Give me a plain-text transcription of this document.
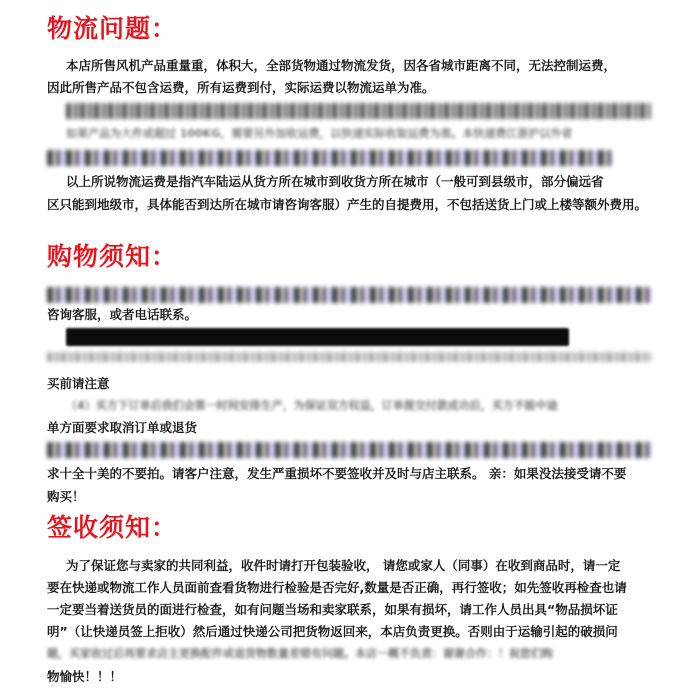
物流问题：

本店所售风机产品重量重，体积大，全部货物通过物流发货，因各省城市距离不同，无法控制运费，

因此所售产品不包含运费，所有运费到付，实际运费以物流运单为准。

如果产品为大件或超过 100KG，需要另外加收运费，以快递实际收取运费为准。本快递费江浙沪以外省

以上所说物流运费是指汽车陆运从货方所在城市到收货方所在城市（一般可到县级市，部分偏远省

区只能到地级市，具体能否到达所在城市请咨询客服）产生的自提费用，不包括送货上门或上楼等额外费用。

购物须知：

咨询客服，或者电话联系。

买前请注意

（4）买方下订单后我们会第一时间安排生产，为保证双方权益，订单提交付款成功后，买方不能中途

单方面要求取消订单或退货

求十全十美的不要拍。请客户注意，发生严重损坏不要签收并及时与店主联系。 亲：如果没法接受请不要

购买！

签收须知：

为了保证您与卖家的共同利益，收件时请打开包装验收， 请您或家人（同事）在收到商品时，请一定

要在快递或物流工作人员面前查看货物进行检验是否完好,数量是否正确，再行签收；如先签收再检查也请

一定要当着送货员的面进行检查，如有问题当场和卖家联系，如果有损坏，请工作人员出具“物品损坏证

明”（让快递员签上拒收）然后通过快递公司把货物返回来，本店负责更换。否则由于运输引起的破损问

题，买家收过后再要求店主更换配件或退货物数量差错有问题。本店一概不负责：谢谢合作：！祝您们购

物愉快！！！
